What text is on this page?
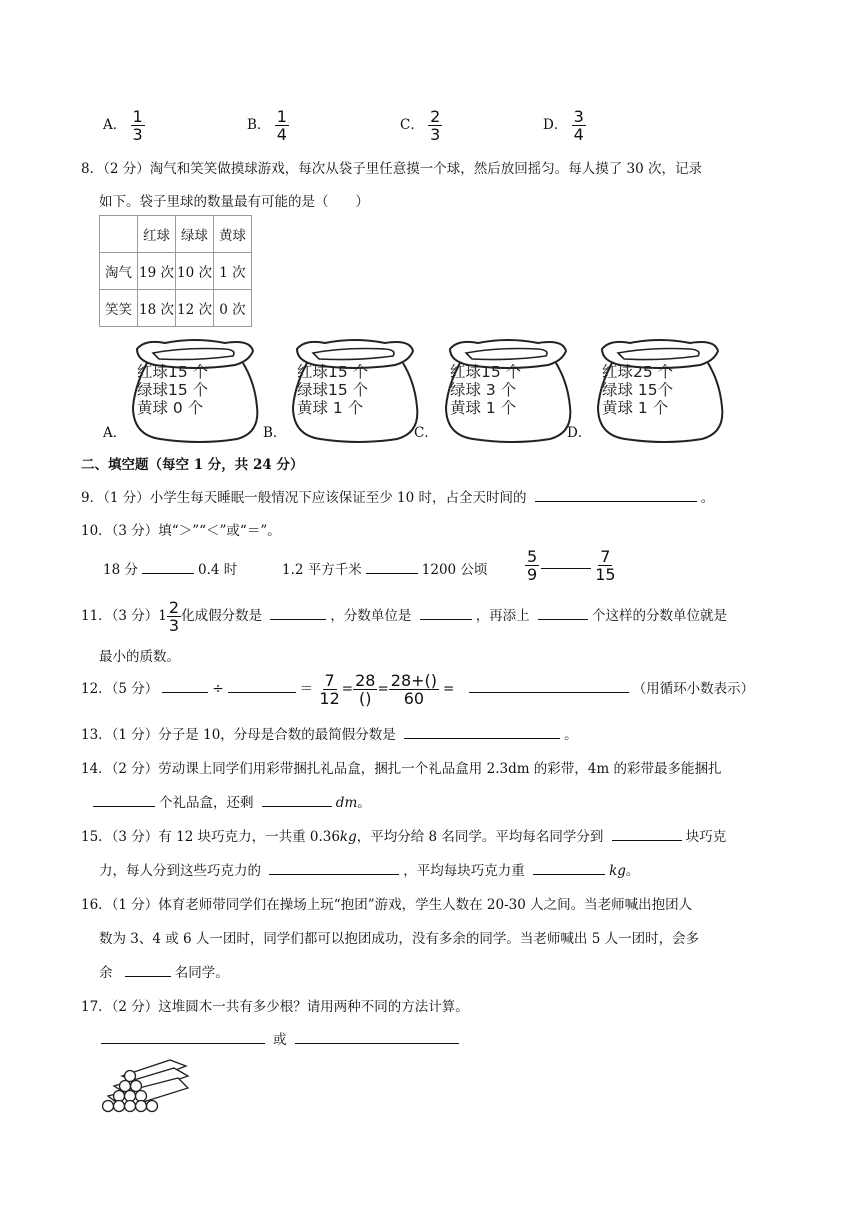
A． $\frac{1}{3}$	B． $\frac{1}{4}$	C． $\frac{2}{3}$	D． $\frac{3}{4}$
8．（2 分）淘气和笑笑做摸球游戏，每次从袋子里任意摸一个球，然后放回摇匀。每人摸了 30 次，记录
如下。袋子里球的数量最有可能的是（　　）
	红球	绿球	黄球
淘气	19 次	10 次	1 次
笑笑	18 次	12 次	0 次
A．	B．	C．	D．
红球15 个
绿球15 个
黄球 0 个
红球15 个
绿球15 个
黄球 1 个
红球15 个
绿球 3 个
黄球 1 个
红球25 个
绿球 15个
黄球 1 个
二、填空题（每空 1 分，共 24 分）
9．（1 分）小学生每天睡眠一般情况下应该保证至少 10 时，占全天时间的	。
10．（3 分）填“＞”“＜”或“＝”。
18 分	0.4 时	1.2 平方千米	1200 公顷 $\frac{5}{9}$	$\frac{7}{15}$
11．（3 分）$1 \frac{2}{3}$ 化成假分数是	，分数单位是	，再添上	个这样的分数单位就是
最小的质数。
12．（5 分）	÷	＝ $\frac{7}{12} = \frac{28}{()} = \frac{28+()}{60}$ =	（用循环小数表示）
13．（1 分）分子是 10，分母是合数的最简假分数是	。
14．（2 分）劳动课上同学们用彩带捆扎礼品盒，捆扎一个礼品盒用 2.3dm 的彩带，4m 的彩带最多能捆扎
个礼品盒，还剩	dm。
15．（3 分）有 12 块巧克力，一共重 0.36kg，平均分给 8 名同学。平均每名同学分到	块巧克
力，每人分到这些巧克力的	，平均每块巧克力重	kg。
16．（1 分）体育老师带同学们在操场上玩“抱团”游戏，学生人数在 20-30 人之间。当老师喊出抱团人
数为 3、4 或 6 人一团时，同学们都可以抱团成功，没有多余的同学。当老师喊出 5 人一团时，会多
余	名同学。
17．（2 分）这堆圆木一共有多少根？请用两种不同的方法计算。
或
